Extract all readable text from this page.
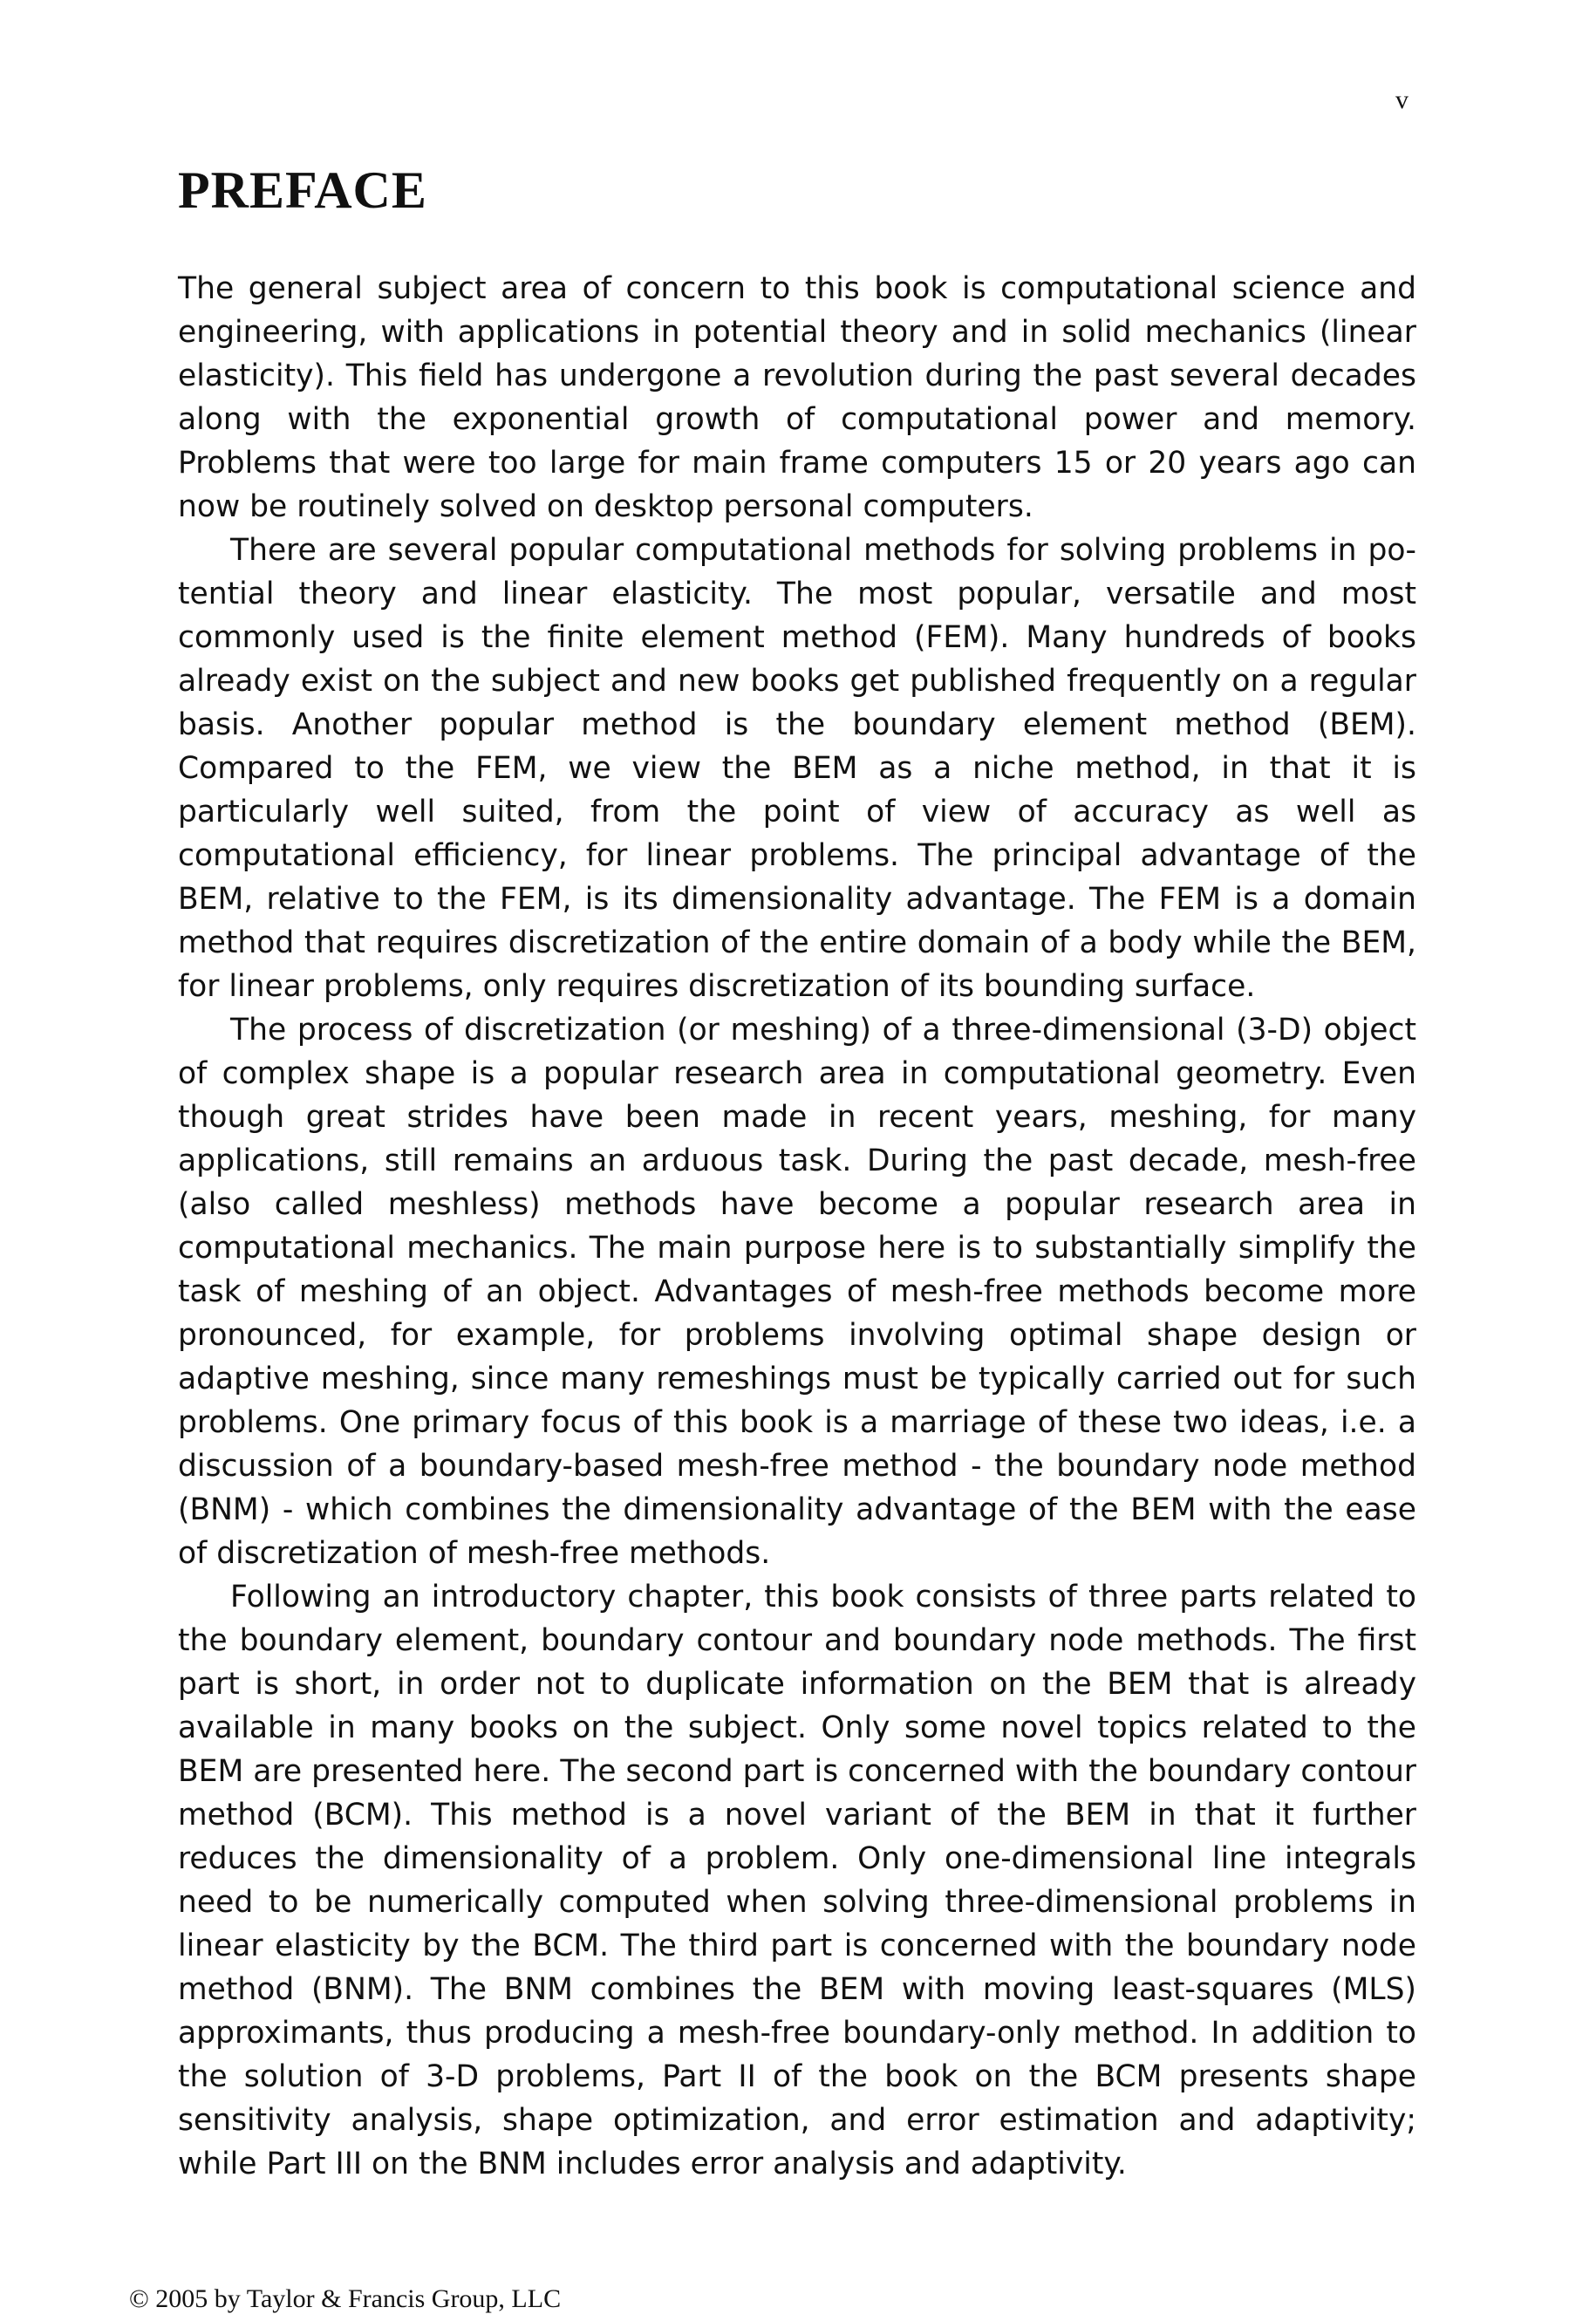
v
PREFACE

The general subject area of concern to this book is computational science and engineering, with applications in potential theory and in solid mechanics (linear elasticity). This field has undergone a revolution during the past several decades along with the exponential growth of computational power and memory. Problems that were too large for main frame computers 15 or 20 years ago can now be routinely solved on desktop personal computers.

There are several popular computational methods for solving problems in potential theory and linear elasticity. The most popular, versatile and most commonly used is the finite element method (FEM). Many hundreds of books already exist on the subject and new books get published frequently on a regular basis. Another popular method is the boundary element method (BEM). Compared to the FEM, we view the BEM as a niche method, in that it is particularly well suited, from the point of view of accuracy as well as computational efficiency, for linear problems. The principal advantage of the BEM, relative to the FEM, is its dimensionality advantage. The FEM is a domain method that requires discretization of the entire domain of a body while the BEM, for linear problems, only requires discretization of its bounding surface.

The process of discretization (or meshing) of a three-dimensional (3-D) object of complex shape is a popular research area in computational geometry. Even though great strides have been made in recent years, meshing, for many applications, still remains an arduous task. During the past decade, mesh-free (also called meshless) methods have become a popular research area in computational mechanics. The main purpose here is to substantially simplify the task of meshing of an object. Advantages of mesh-free methods become more pronounced, for example, for problems involving optimal shape design or adaptive meshing, since many remeshings must be typically carried out for such problems. One primary focus of this book is a marriage of these two ideas, i.e. a discussion of a boundary-based mesh-free method - the boundary node method (BNM) - which combines the dimensionality advantage of the BEM with the ease of discretization of mesh-free methods.

Following an introductory chapter, this book consists of three parts related to the boundary element, boundary contour and boundary node methods. The first part is short, in order not to duplicate information on the BEM that is already available in many books on the subject. Only some novel topics related to the BEM are presented here. The second part is concerned with the boundary contour method (BCM). This method is a novel variant of the BEM in that it further reduces the dimensionality of a problem. Only one-dimensional line integrals need to be numerically computed when solving three-dimensional problems in linear elasticity by the BCM. The third part is concerned with the boundary node method (BNM). The BNM combines the BEM with moving least-squares (MLS) approximants, thus producing a mesh-free boundary-only method. In addition to the solution of 3-D problems, Part II of the book on the BCM presents shape sensitivity analysis, shape optimization, and error estimation and adaptivity; while Part III on the BNM includes error analysis and adaptivity.

© 2005 by Taylor & Francis Group, LLC
